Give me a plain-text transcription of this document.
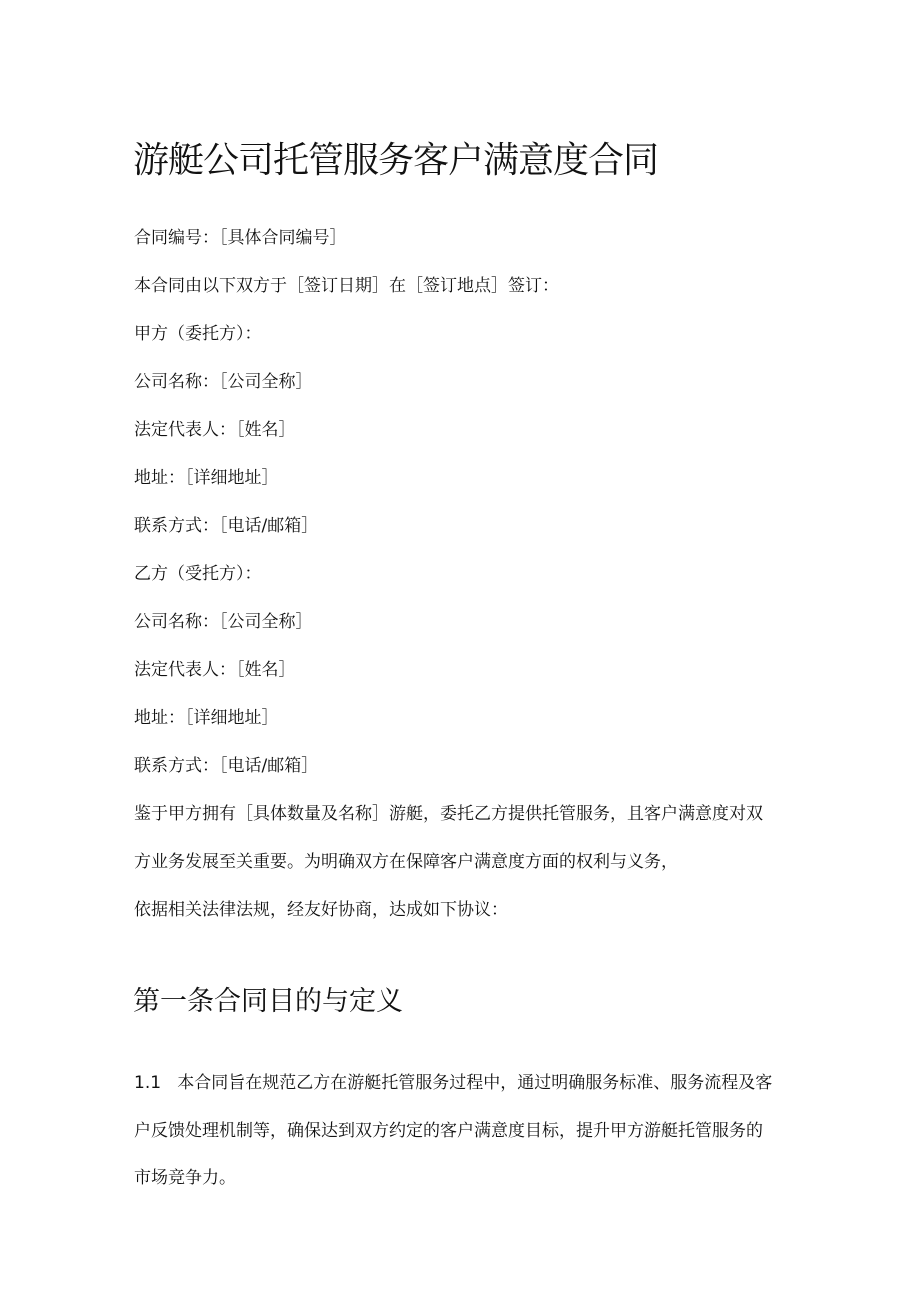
游艇公司托管服务客户满意度合同

合同编号：［具体合同编号］

本合同由以下双方于［签订日期］在［签订地点］签订：

甲方（委托方）：

公司名称：［公司全称］

法定代表人：［姓名］

地址：［详细地址］

联系方式：［电话/邮箱］

乙方（受托方）：

公司名称：［公司全称］

法定代表人：［姓名］

地址：［详细地址］

联系方式：［电话/邮箱］

鉴于甲方拥有［具体数量及名称］游艇，委托乙方提供托管服务，且客户满意度对双

方业务发展至关重要。为明确双方在保障客户满意度方面的权利与义务，

依据相关法律法规，经友好协商，达成如下协议：

第一条合同目的与定义

1.1   本合同旨在规范乙方在游艇托管服务过程中，通过明确服务标准、服务流程及客

户反馈处理机制等，确保达到双方约定的客户满意度目标，提升甲方游艇托管服务的

市场竞争力。
